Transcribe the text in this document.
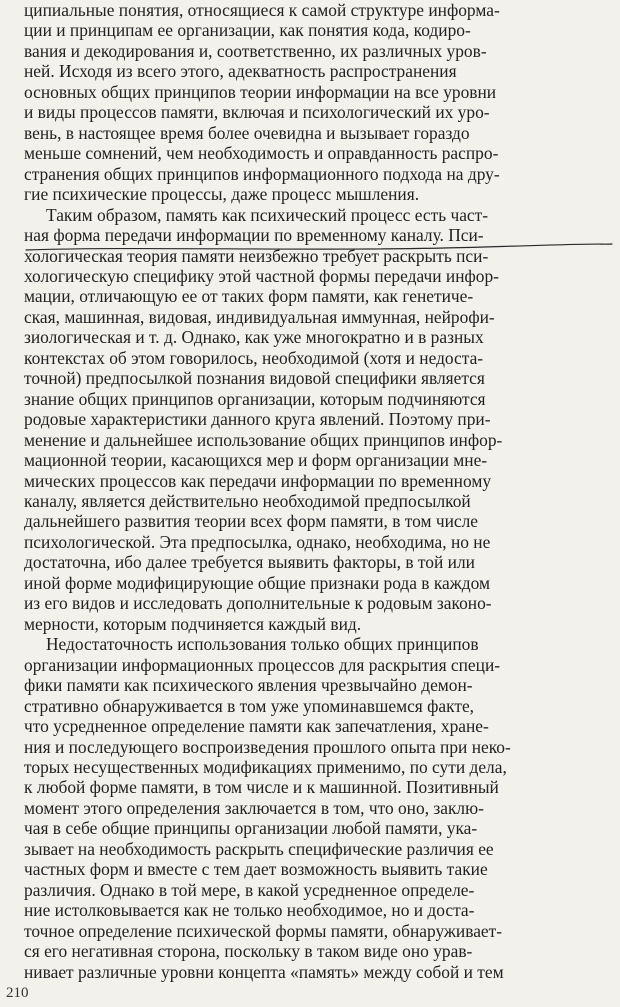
ципиальные понятия, относящиеся к самой структуре информа-
ции и принципам ее организации, как понятия кода, кодиро-
вания и декодирования и, соответственно, их различных уров-
ней. Исходя из всего этого, адекватность распространения
основных общих принципов теории информации на все уровни
и виды процессов памяти, включая и психологический их уро-
вень, в настоящее время более очевидна и вызывает гораздо
меньше сомнений, чем необходимость и оправданность распро-
странения общих принципов информационного подхода на дру-
гие психические процессы, даже процесс мышления.
Таким образом, память как психический процесс есть част-
ная форма передачи информации по временному каналу. Пси-
хологическая теория памяти неизбежно требует раскрыть пси-
хологическую специфику этой частной формы передачи инфор-
мации, отличающую ее от таких форм памяти, как генетиче-
ская, машинная, видовая, индивидуальная иммунная, нейрофи-
зиологическая и т. д. Однако, как уже многократно и в разных
контекстах об этом говорилось, необходимой (хотя и недоста-
точной) предпосылкой познания видовой специфики является
знание общих принципов организации, которым подчиняются
родовые характеристики данного круга явлений. Поэтому при-
менение и дальнейшее использование общих принципов инфор-
мационной теории, касающихся мер и форм организации мне-
мических процессов как передачи информации по временному
каналу, является действительно необходимой предпосылкой
дальнейшего развития теории всех форм памяти, в том числе
психологической. Эта предпосылка, однако, необходима, но не
достаточна, ибо далее требуется выявить факторы, в той или
иной форме модифицирующие общие признаки рода в каждом
из его видов и исследовать дополнительные к родовым законо-
мерности, которым подчиняется каждый вид.
Недостаточность использования только общих принципов
организации информационных процессов для раскрытия специ-
фики памяти как психического явления чрезвычайно демон-
стративно обнаруживается в том уже упоминавшемся факте,
что усредненное определение памяти как запечатления, хране-
ния и последующего воспроизведения прошлого опыта при неко-
торых несущественных модификациях применимо, по сути дела,
к любой форме памяти, в том числе и к машинной. Позитивный
момент этого определения заключается в том, что оно, заклю-
чая в себе общие принципы организации любой памяти, ука-
зывает на необходимость раскрыть специфические различия ее
частных форм и вместе с тем дает возможность выявить такие
различия. Однако в той мере, в какой усредненное определе-
ние истолковывается как не только необходимое, но и доста-
точное определение психической формы памяти, обнаруживает-
ся его негативная сторона, поскольку в таком виде оно урав-
нивает различные уровни концепта «память» между собой и тем
210
